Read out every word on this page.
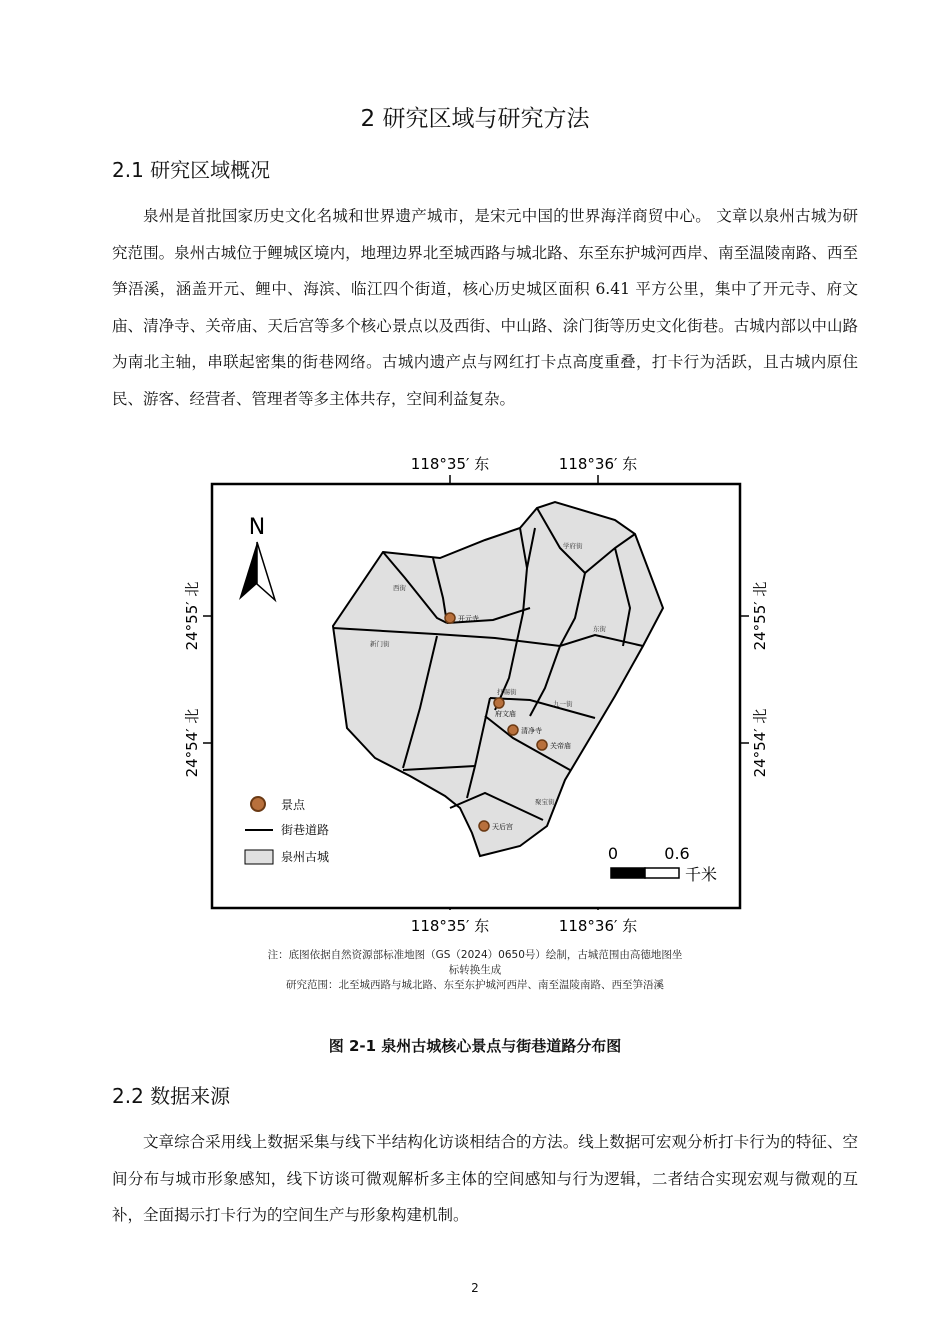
2 研究区域与研究方法
2.1 研究区域概况

泉州是首批国家历史文化名城和世界遗产城市，是宋元中国的世界海洋商贸中心。 文章以泉州古城为研究范围。泉州古城位于鲤城区境内，地理边界北至城西路与城北路、东至东护城河西岸、南至温陵南路、西至笋浯溪，涵盖开元、鲤中、海滨、临江四个街道，核心历史城区面积 6.41 平方公里，集中了开元寺、府文庙、清净寺、关帝庙、天后宫等多个核心景点以及西街、中山路、涂门街等历史文化街巷。古城内部以中山路为南北主轴，串联起密集的街巷网络。古城内遗产点与网红打卡点高度重叠，打卡行为活跃，且古城内原住民、游客、经营者、管理者等多主体共存，空间利益复杂。

118°35′ 东	118°36′ 东
24°55′ 北
24°54′ 北
24°55′ 北
24°54′ 北
西街
学府街
东街
新门街
打锡街
九一街
聚宝街
开元寺
府文庙
清净寺
关帝庙
天后宫
N
景点
街巷道路
泉州古城	0	0.6
千米
118°35′ 东	118°36′ 东
注：底图依据自然资源部标准地图（GS（2024）0650号）绘制，古城范围由高德地图坐
标转换生成
研究范围：北至城西路与城北路、东至东护城河西岸、南至温陵南路、西至笋浯溪
图 2-1 泉州古城核心景点与街巷道路分布图
2.2 数据来源

文章综合采用线上数据采集与线下半结构化访谈相结合的方法。线上数据可宏观分析打卡行为的特征、空间分布与城市形象感知，线下访谈可微观解析多主体的空间感知与行为逻辑，二者结合实现宏观与微观的互补，全面揭示打卡行为的空间生产与形象构建机制。

2
